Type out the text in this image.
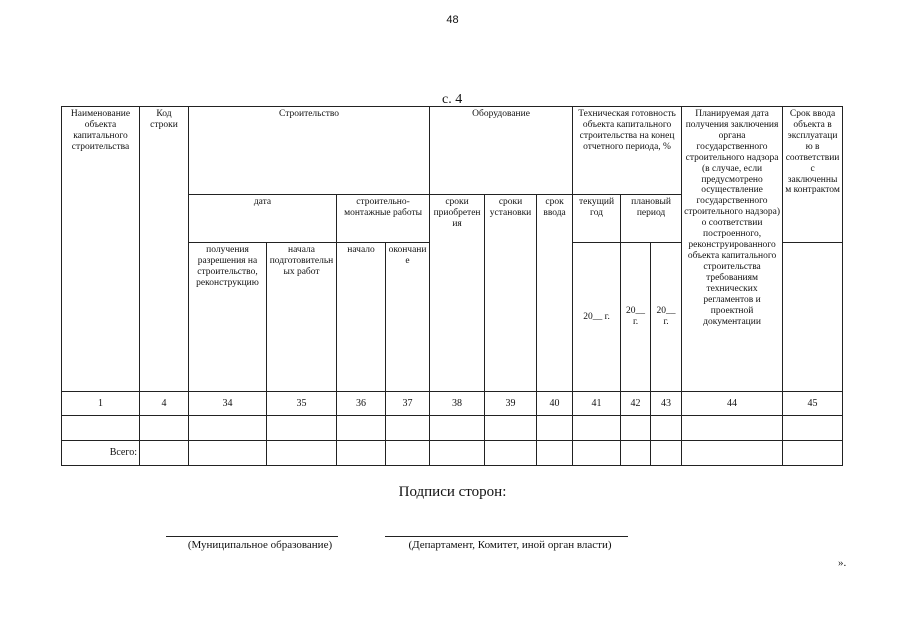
48
с. 4
Наименование объекта капитального строительства	Код строки	Строительство				Оборудование			Техническая готовность объекта капитального строительства на конец отчетного периода, %			Планируемая дата получения заключения органа государственного строительного надзора (в случае, если предусмотрено осуществление государственного строительного надзора) о соответствии построенного, реконструированного объекта капитального строительства требованиям технических регламентов и проектной документации	Срок ввода объекта в эксплуатацию в соответствии с заключенным контрактом
		дата		строительно-монтажные работы		сроки приобретения	сроки установки	срок ввода	текущий год	плановый период			
		получения разрешения на строительство, реконструкцию	начала подготовительных работ	начало	окончание				20__ г.	20__ г.	20__ г.		
1	4	34	35	36	37	38	39	40	41	42	43	44	45

Всего:													
Подписи сторон:
(Муниципальное образование)	(Департамент, Комитет, иной орган власти)
».
